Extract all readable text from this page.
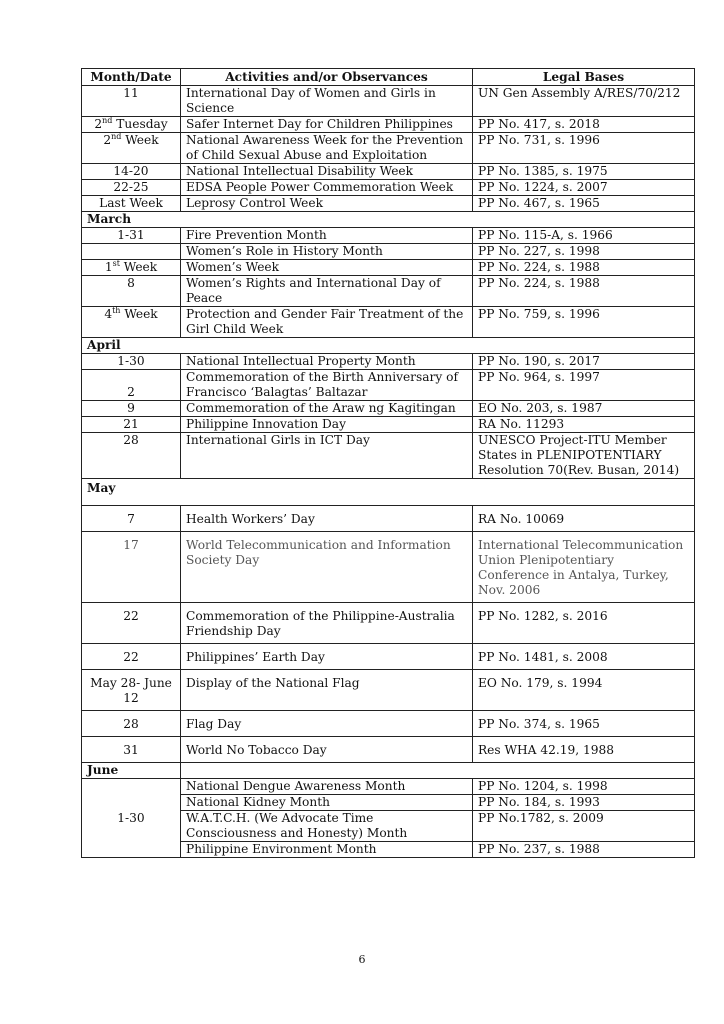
Month/Date	Activities and/or Observances	Legal Bases
11	International Day of Women and Girls in Science	UN Gen Assembly A/RES/70/212
2nd Tuesday	Safer Internet Day for Children Philippines	PP No. 417, s. 2018
2nd Week	National Awareness Week for the Prevention of Child Sexual Abuse and Exploitation	PP No. 731, s. 1996
14-20	National Intellectual Disability Week	PP No. 1385, s. 1975
22-25	EDSA People Power Commemoration Week	PP No. 1224, s. 2007
Last Week	Leprosy Control Week	PP No. 467, s. 1965
March		
1-31	Fire Prevention Month	PP No. 115-A, s. 1966
	Women’s Role in History Month	PP No. 227, s. 1998
1st Week	Women’s Week	PP No. 224, s. 1988
8	Women’s Rights and International Day of Peace	PP No. 224, s. 1988
4th Week	Protection and Gender Fair Treatment of the Girl Child Week	PP No. 759, s. 1996
April		
1-30	National Intellectual Property Month	PP No. 190, s. 2017
2	Commemoration of the Birth Anniversary of Francisco ‘Balagtas’ Baltazar	PP No. 964, s. 1997
9	Commemoration of the Araw ng Kagitingan	EO No. 203, s. 1987
21	Philippine Innovation Day	RA No. 11293
28	International Girls in ICT Day	UNESCO Project-ITU Member States in PLENIPOTENTIARY Resolution 70(Rev. Busan, 2014)
May		
7	Health Workers’ Day	RA No. 10069
17	World Telecommunication and Information Society Day	International Telecommunication Union Plenipotentiary Conference in Antalya, Turkey, Nov. 2006
22	Commemoration of the Philippine-Australia Friendship Day	PP No. 1282, s. 2016
22	Philippines’ Earth Day	PP No. 1481, s. 2008
May 28- June 12	Display of the National Flag	EO No. 179, s. 1994
28	Flag Day	PP No. 374, s. 1965
31	World No Tobacco Day	Res WHA 42.19, 1988
June		
1-30	National Dengue Awareness Month	PP No. 1204, s. 1998
	National Kidney Month	PP No. 184, s. 1993
	W.A.T.C.H. (We Advocate Time Consciousness and Honesty) Month	PP No.1782, s. 2009
	Philippine Environment Month	PP No. 237, s. 1988
6
